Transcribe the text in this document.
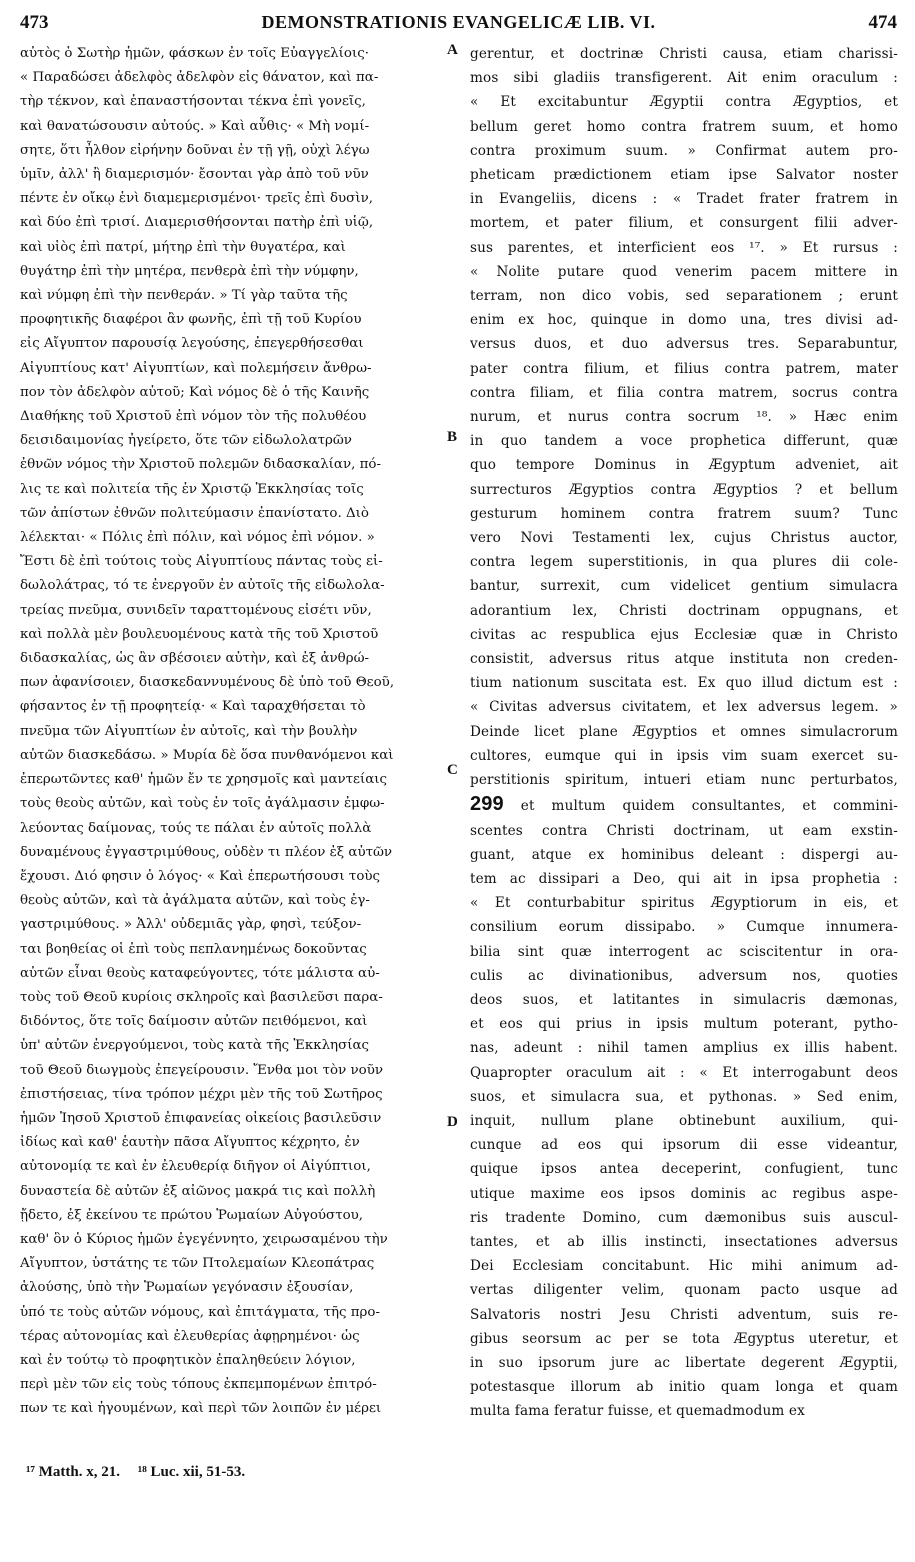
473	DEMONSTRATIONIS EVANGELICÆ LIB. VI.	474
αὐτὸς ὁ Σωτὴρ ἡμῶν, φάσκων ἐν τοῖς Εὐαγγελίοις·
« Παραδώσει ἀδελφὸς ἀδελφὸν εἰς θάνατον, καὶ πα-
τὴρ τέκνον, καὶ ἐπαναστήσονται τέκνα ἐπὶ γονεῖς,
καὶ θανατώσουσιν αὐτούς. » Καὶ αὖθις· « Μὴ νομί-
σητε, ὅτι ἦλθον εἰρήνην δοῦναι ἐν τῇ γῇ, οὐχὶ λέγω
ὑμῖν, ἀλλ' ἢ διαμερισμόν· ἔσονται γὰρ ἀπὸ τοῦ νῦν
πέντε ἐν οἴκῳ ἑνὶ διαμεμερισμένοι· τρεῖς ἐπὶ δυσὶν,
καὶ δύο ἐπὶ τρισί. Διαμερισθήσονται πατὴρ ἐπὶ υἱῷ,
καὶ υἱὸς ἐπὶ πατρί, μήτηρ ἐπὶ τὴν θυγατέρα, καὶ
θυγάτηρ ἐπὶ τὴν μητέρα, πενθερὰ ἐπὶ τὴν νύμφην,
καὶ νύμφη ἐπὶ τὴν πενθεράν. » Τί γὰρ ταῦτα τῆς
προφητικῆς διαφέροι ἂν φωνῆς, ἐπὶ τῇ τοῦ Κυρίου
εἰς Αἴγυπτον παρουσίᾳ λεγούσης, ἐπεγερθήσεσθαι
Αἰγυπτίους κατ' Αἰγυπτίων, καὶ πολεμήσειν ἄνθρω-
πον τὸν ἀδελφὸν αὐτοῦ; Καὶ νόμος δὲ ὁ τῆς Καινῆς
Διαθήκης τοῦ Χριστοῦ ἐπὶ νόμον τὸν τῆς πολυθέου
δεισιδαιμονίας ἠγείρετο, ὅτε τῶν εἰδωλολατρῶν
ἐθνῶν νόμος τὴν Χριστοῦ πολεμῶν διδασκαλίαν, πό-
λις τε καὶ πολιτεία τῆς ἐν Χριστῷ Ἐκκλησίας τοῖς
τῶν ἀπίστων ἐθνῶν πολιτεύμασιν ἐπανίστατο. Διὸ
λέλεκται· « Πόλις ἐπὶ πόλιν, καὶ νόμος ἐπὶ νόμον. »
Ἔστι δὲ ἐπὶ τούτοις τοὺς Αἰγυπτίους πάντας τοὺς εἰ-
δωλολάτρας, τό τε ἐνεργοῦν ἐν αὐτοῖς τῆς εἰδωλολα-
τρείας πνεῦμα, συνιδεῖν ταραττομένους εἰσέτι νῦν,
καὶ πολλὰ μὲν βουλευομένους κατὰ τῆς τοῦ Χριστοῦ
διδασκαλίας, ὡς ἂν σβέσοιεν αὐτὴν, καὶ ἐξ ἀνθρώ-
πων ἀφανίσοιεν, διασκεδαννυμένους δὲ ὑπὸ τοῦ Θεοῦ,
φήσαντος ἐν τῇ προφητείᾳ· « Καὶ ταραχθήσεται τὸ
πνεῦμα τῶν Αἰγυπτίων ἐν αὐτοῖς, καὶ τὴν βουλὴν
αὐτῶν διασκεδάσω. » Μυρία δὲ ὅσα πυνθανόμενοι καὶ
ἐπερωτῶντες καθ' ἡμῶν ἔν τε χρησμοῖς καὶ μαντείαις
τοὺς θεοὺς αὐτῶν, καὶ τοὺς ἐν τοῖς ἀγάλμασιν ἐμφω-
λεύοντας δαίμονας, τούς τε πάλαι ἐν αὐτοῖς πολλὰ
δυναμένους ἐγγαστριμύθους, οὐδὲν τι πλέον ἐξ αὐτῶν
ἔχουσι. Διό φησιν ὁ λόγος· « Καὶ ἐπερωτήσουσι τοὺς
θεοὺς αὐτῶν, καὶ τὰ ἀγάλματα αὐτῶν, καὶ τοὺς ἐγ-
γαστριμύθους. » Ἀλλ' οὐδεμιᾶς γὰρ, φησὶ, τεύξον-
ται βοηθείας οἱ ἐπὶ τοὺς πεπλανημένως δοκοῦντας
αὐτῶν εἶναι θεοὺς καταφεύγοντες, τότε μάλιστα αὐ-
τοὺς τοῦ Θεοῦ κυρίοις σκληροῖς καὶ βασιλεῦσι παρα-
διδόντος, ὅτε τοῖς δαίμοσιν αὐτῶν πειθόμενοι, καὶ
ὑπ' αὐτῶν ἐνεργούμενοι, τοὺς κατὰ τῆς Ἐκκλησίας
τοῦ Θεοῦ διωγμοὺς ἐπεγείρουσιν. Ἔνθα μοι τὸν νοῦν
ἐπιστήσειας, τίνα τρόπον μέχρι μὲν τῆς τοῦ Σωτῆρος
ἡμῶν Ἰησοῦ Χριστοῦ ἐπιφανείας οἰκείοις βασιλεῦσιν
ἰδίως καὶ καθ' ἑαυτὴν πᾶσα Αἴγυπτος κέχρητο, ἐν
αὐτονομίᾳ τε καὶ ἐν ἐλευθερίᾳ διῆγον οἱ Αἰγύπτιοι,
δυναστεία δὲ αὐτῶν ἐξ αἰῶνος μακρά τις καὶ πολλὴ
ᾔδετο, ἐξ ἐκείνου τε πρώτου Ῥωμαίων Αὐγούστου,
καθ' ὃν ὁ Κύριος ἡμῶν ἐγεγέννητο, χειρωσαμένου τὴν
Αἴγυπτον, ὑστάτης τε τῶν Πτολεμαίων Κλεοπάτρας
ἁλούσης, ὑπὸ τὴν Ῥωμαίων γεγόνασιν ἐξουσίαν,
ὑπό τε τοὺς αὐτῶν νόμους, καὶ ἐπιτάγματα, τῆς προ-
τέρας αὐτονομίας καὶ ἐλευθερίας ἀφῃρημένοι· ὡς
καὶ ἐν τούτῳ τὸ προφητικὸν ἐπαληθεύειν λόγιον,
περὶ μὲν τῶν εἰς τοὺς τόπους ἐκπεμπομένων ἐπιτρό-
πων τε καὶ ἡγουμένων, καὶ περὶ τῶν λοιπῶν ἐν μέρει
gerentur, et doctrinæ Christi causa, etiam charissi-
mos sibi gladiis transfigerent. Ait enim oraculum :
« Et excitabuntur Ægyptii contra Ægyptios, et
bellum geret homo contra fratrem suum, et homo
contra proximum suum. » Confirmat autem pro-
pheticam prædictionem etiam ipse Salvator noster
in Evangeliis, dicens : « Tradet frater fratrem in
mortem, et pater filium, et consurgent filii adver-
sus parentes, et interficient eos ¹⁷. » Et rursus :
« Nolite putare quod venerim pacem mittere in
terram, non dico vobis, sed separationem ; erunt
enim ex hoc, quinque in domo una, tres divisi ad-
versus duos, et duo adversus tres. Separabuntur,
pater contra filium, et filius contra patrem, mater
contra filiam, et filia contra matrem, socrus contra
nurum, et nurus contra socrum ¹⁸. » Hæc enim
in quo tandem a voce prophetica differunt, quæ
quo tempore Dominus in Ægyptum adveniet, ait
surrecturos Ægyptios contra Ægyptios ? et bellum
gesturum hominem contra fratrem suum? Tunc
vero Novi Testamenti lex, cujus Christus auctor,
contra legem superstitionis, in qua plures dii cole-
bantur, surrexit, cum videlicet gentium simulacra
adorantium lex, Christi doctrinam oppugnans, et
civitas ac respublica ejus Ecclesiæ quæ in Christo
consistit, adversus ritus atque instituta non creden-
tium nationum suscitata est. Ex quo illud dictum est :
« Civitas adversus civitatem, et lex adversus legem. »
Deinde licet plane Ægyptios et omnes simulacrorum
cultores, eumque qui in ipsis vim suam exercet su-
perstitionis spiritum, intueri etiam nunc perturbatos,
299 et multum quidem consultantes, et commini-
scentes contra Christi doctrinam, ut eam exstin-
guant, atque ex hominibus deleant : dispergi au-
tem ac dissipari a Deo, qui ait in ipsa prophetia :
« Et conturbabitur spiritus Ægyptiorum in eis, et
consilium eorum dissipabo. » Cumque innumera-
bilia sint quæ interrogent ac sciscitentur in ora-
culis ac divinationibus, adversum nos, quoties
deos suos, et latitantes in simulacris dæmonas,
et eos qui prius in ipsis multum poterant, pytho-
nas, adeunt : nihil tamen amplius ex illis habent.
Quapropter oraculum ait : « Et interrogabunt deos
suos, et simulacra sua, et pythonas. » Sed enim,
inquit, nullum plane obtinebunt auxilium, qui-
cunque ad eos qui ipsorum dii esse videantur,
quique ipsos antea deceperint, confugient, tunc
utique maxime eos ipsos dominis ac regibus aspe-
ris tradente Domino, cum dæmonibus suis auscul-
tantes, et ab illis instincti, insectationes adversus
Dei Ecclesiam concitabunt. Hic mihi animum ad-
vertas diligenter velim, quonam pacto usque ad
Salvatoris nostri Jesu Christi adventum, suis re-
gibus seorsum ac per se tota Ægyptus uteretur, et
in suo ipsorum jure ac libertate degerent Ægyptii,
potestasque illorum ab initio quam longa et quam
multa fama feratur fuisse, et quemadmodum ex
A
B
C
D
¹⁷ Matth. x, 21. ¹⁸ Luc. xii, 51-53.
